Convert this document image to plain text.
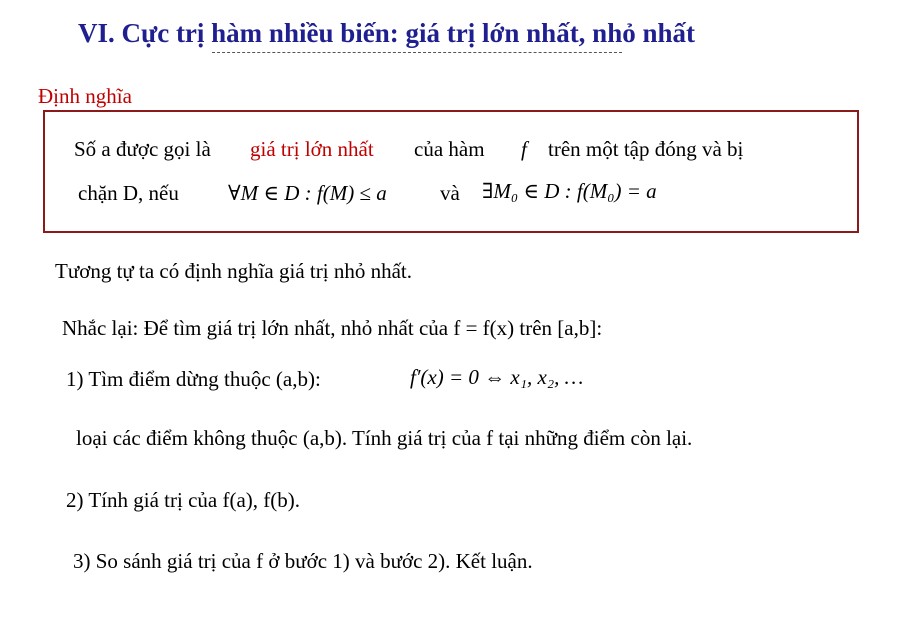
VI. Cực trị hàm nhiều biến: giá trị lớn nhất, nhỏ nhất
Định nghĩa
Số a được gọi là giá trị lớn nhất của hàm f trên một tập đóng và bị
chặn D, nếu ∀M ∈ D : f(M) ≤ a	và ∃M₀ ∈ D : f(M₀) = a
Tương tự ta có định nghĩa giá trị nhỏ nhất.
Nhắc lại: Để tìm giá trị lớn nhất, nhỏ nhất của f = f(x) trên [a,b]:
1) Tìm điểm dừng thuộc (a,b):	f′(x) = 0 ⇔ x₁, x₂, …
loại các điểm không thuộc (a,b). Tính giá trị của f tại những điểm còn lại.
2) Tính giá trị của f(a), f(b).
3) So sánh giá trị của f ở bước 1) và bước 2). Kết luận.
